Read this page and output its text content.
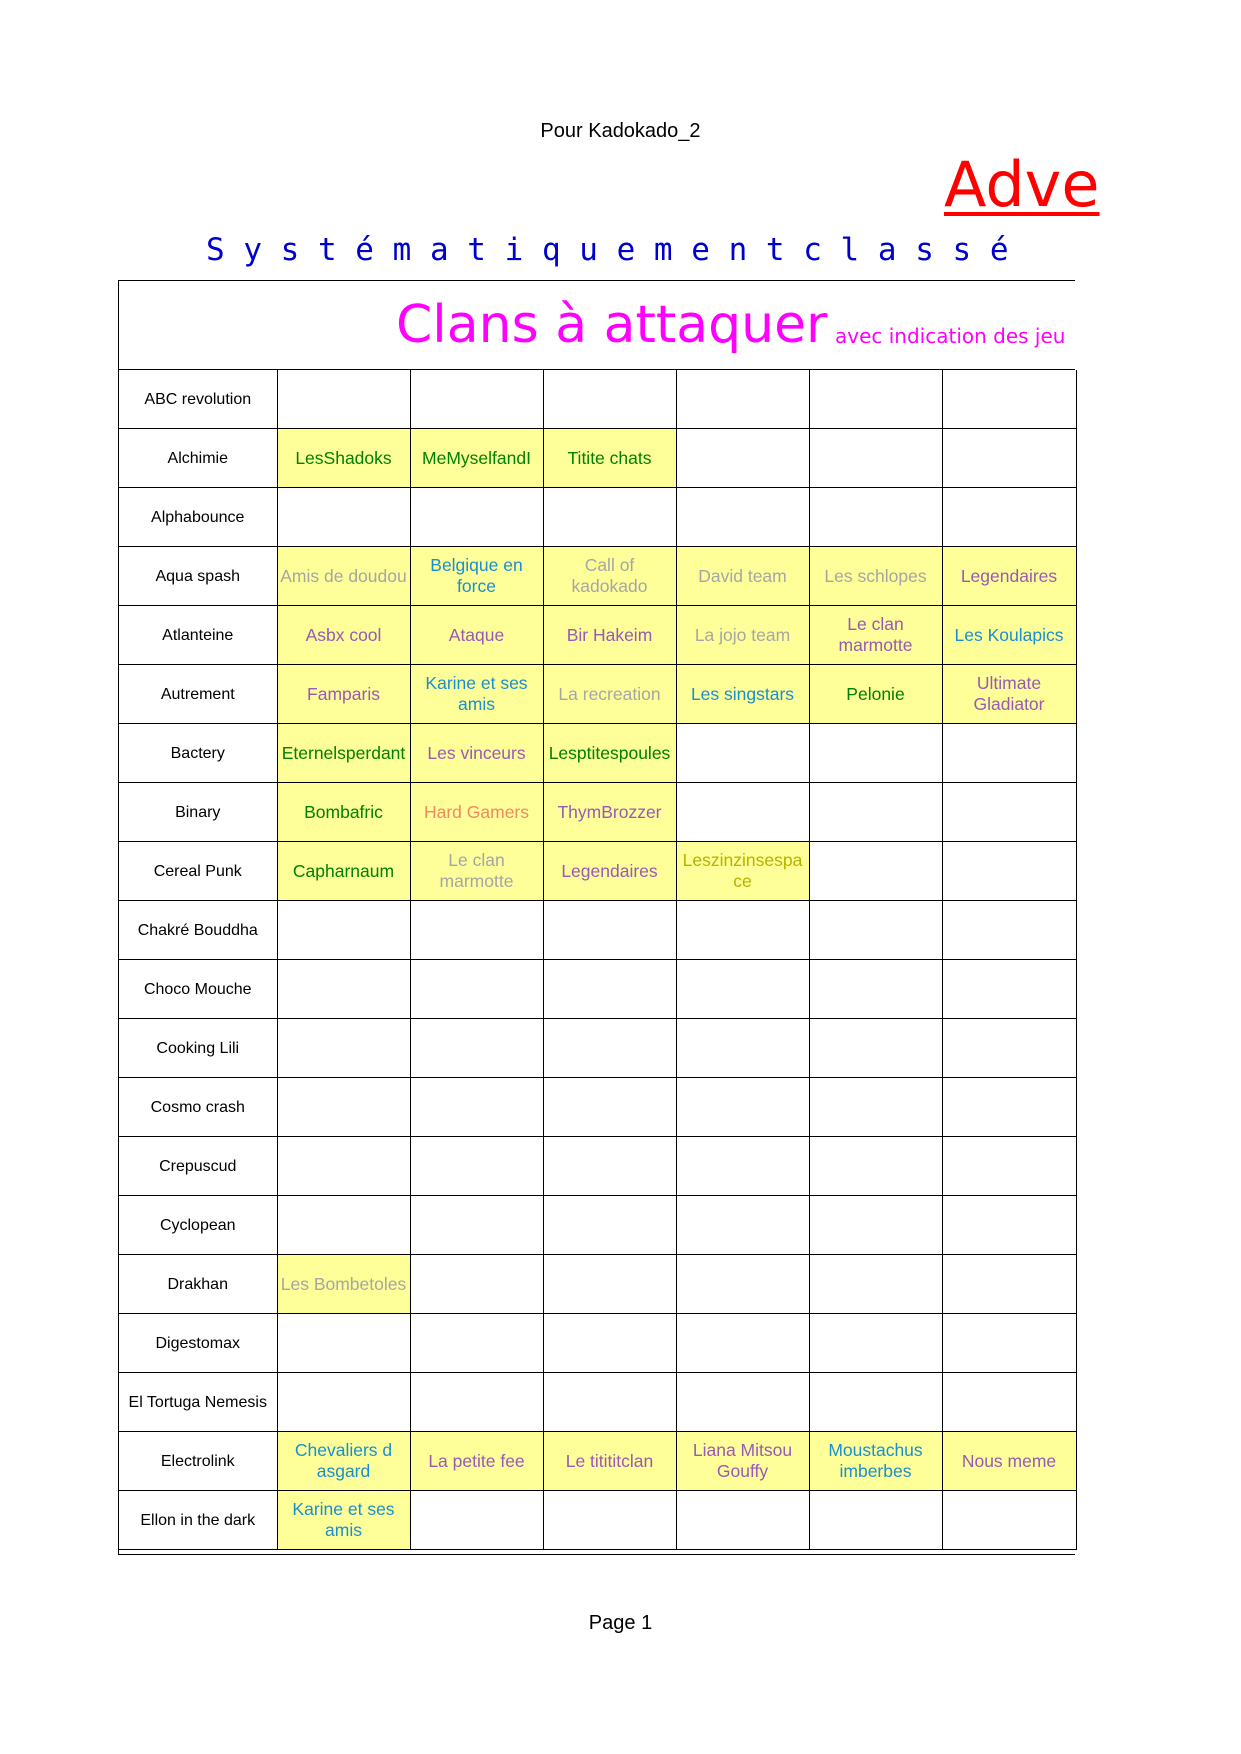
Pour Kadokado_2
Adve
S y s t é m a t i q u e m e n t c l a s s é
Clans à attaquer avec indication des jeu
ABC revolution						
Alchimie	LesShadoks	MeMyselfandI	Titite chats			
Alphabounce						
Aqua spash	Amis de doudou	Belgique en force	Call of kadokado	David team	Les schlopes	Legendaires
Atlanteine	Asbx cool	Ataque	Bir Hakeim	La jojo team	Le clan marmotte	Les Koulapics
Autrement	Famparis	Karine et ses amis	La recreation	Les singstars	Pelonie	Ultimate Gladiator
Bactery	Eternelsperdant	Les vinceurs	Lesptitespoules			
Binary	Bombafric	Hard Gamers	ThymBrozzer			
Cereal Punk	Capharnaum	Le clan marmotte	Legendaires	Leszinzinsespace		
Chakré Bouddha						
Choco Mouche						
Cooking Lili						
Cosmo crash						
Crepuscud						
Cyclopean						
Drakhan	Les Bombetoles					
Digestomax						
El Tortuga Nemesis						
Electrolink	Chevaliers d asgard	La petite fee	Le titititclan	Liana Mitsou Gouffy	Moustachus imberbes	Nous meme
Ellon in the dark	Karine et ses amis					
Page 1
